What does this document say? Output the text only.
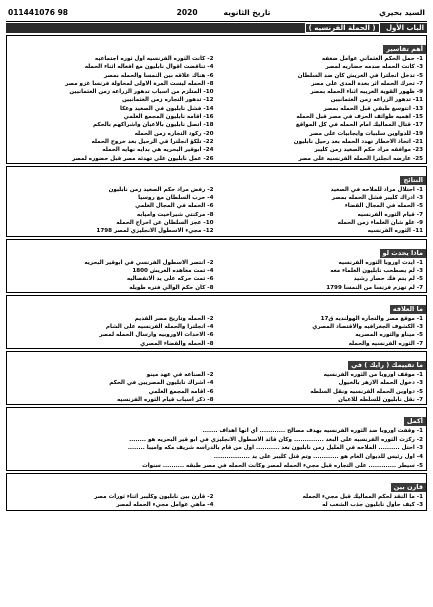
السيد بحيري
تاريخ الثانويه
2020
011441076 98
الباب الأول ( الحملة الفرنسيه )
أهم تقاسير
1- حمل الحكم العثماني عوامل ضعفه
3- كانت الحمله صدمه حضاريه لمصر
5- تدخل انجلترا في العريش كان ضد السلطان
7- تحرك الحمله اثر بعدة المدى على مصر
9- ظهور القوية العربيه اثناء الحمله بمصر
11- تدهور الزراعه زمن العثمانيين
13- انتوسع طبقي قبل الحمله بمصر
15- اهميه طوائف الحرف في مصر قبل الحمله
17- قتال المماليك امام الحمله في كل المواقع
19- للدواوين سلبيات وايجابيات على مصر
21- اتخاذ الاخطار تهدد الحمله بعد رحيل نابليون
23- موافقه مراد حكم الصعيد زمن كليبر
25- عارضه انجلترا الحمله الفرنسيه على مصر
2- كانت الثوره الفرنسيه اول ثوره اجتماعيه
4- تناقضت اقوال نابليون مع افعاله اثناء الحمله
6- هناك علاقه بين النمسا والحمله بمصر
8- الحمله ليست المرة الاولى لمحاولة فرنسا غزو مصر
10- المتلزم من اسباب تدهور الزراعه زمن العثمانيين
12- تدهور التجاره زمن العثمانيين
14- فشل نابليون في الصعيد وعكا
16- اقامه نابليون المجمع العلمي
18- اتصل نابليون بالاعيان واشراكهم بالحكم
20- ركود التجاره زمن الحمله
22- تلكؤ انجلترا في الرحيل بعد خروج الحمله
24- ابوقير البحريه هي بدايه نهايه الحمله
26- عمل نابليون على تهدئه مصر قبل حضوره لمصر
النتائج
1- احتلال مراد للملاحه في الصعيد
3- ادراك كليبر فشل الحمله بمصر
5- الحمله في المجال القضاء
7- قيام الثوره الفرنسيه
9- علو شأن العلماء زمن الحمله
11- الثوره الفرنسيه
2- رفض مراد حكم الصعيد زمن نابليون
4- حرب السلطان مع روسيا
6- الحمله في المجال العلمي
8- مركنتي شيراخيت واميابه
10- عجز السلطان عن اخراج الحمله
12- مجيء الاسطول الانجليزي لمصر 1798
ماذا يحدث لو
1- ايدت اوروبا الثوره الفرنسيه
3- لم يصطحب نابليون العلماء معه
5- لم يتم فك حصار رشيد
7- لم تهزم فرنسا من النمسا 1799
2- انتصر الاسطول الفرنسي في ابوقير البحريه
4- تمت معاهده العريش 1800
6- تمت حركه على يد الانفصاليه
8- كان حكم الوالي فتره طويله
ما العلاقه
1- موقع مصر والتجاره الهولنديه ق17
3- الكشوف الجغرافيه والاقتصاد المصري
5- ميناو والثوره المصريه
7- الثوره الفرنسيه والحمله
2- الحمله وتاريخ مصر القديم
4- انجلترا والحمله الفرنسيه على الشام
6- الاحداث الاوروبيه وارسال الحمله لمصر
8- الحمله والقضاء المصري
ما تقييمك ( رايك ) في
1- موقف اوروبا من الثوره الفرنسيه
3- دخول الحمله الازهر بالخيول
5- دواوين الحمله الفرنسيه ونقل السلطه
7- نقل نابليون للسلطه للاعيان
2- الصناعه في عهد مينو
4- اشراك نابليون المصريين في الحكم
6- اقامه المجمع العلمي
8- ذكر اسباب قيام الثوره الفرنسيه
أكمل
1- وقفت اوروبا ضد الثوره الفرنسيه بهدف مصالح ............ أي انها اهداف .......
2- ركزت الثوره الفرنسيه على البعد .............. وكان قائد الاسطول الانجليزي في ابو قير البحريه هو ........
3- احتل .......... الملاحه في المليل زمن نابليون بعد ........... اول من قام بالدراسه شريف مكه واميبا ........
4- اول رئيس للديوان العام هو ............ وتم قتل كليبر على يد .................
5- سيطر ............. على التجاره قبل مجيء الحمله لمصر وكانت الحمله في مصر طبقه .......... سنوات
قارن بين
1- ما النقد لحكم المماليك قبل مجيء الحمله
3- كيف حاول نابليون جذب الشعب له
2- قارن بين نابليون وكليبر اثناء ثورات مصر
4- ماهي عوامل مجيء الحمله لمصر
